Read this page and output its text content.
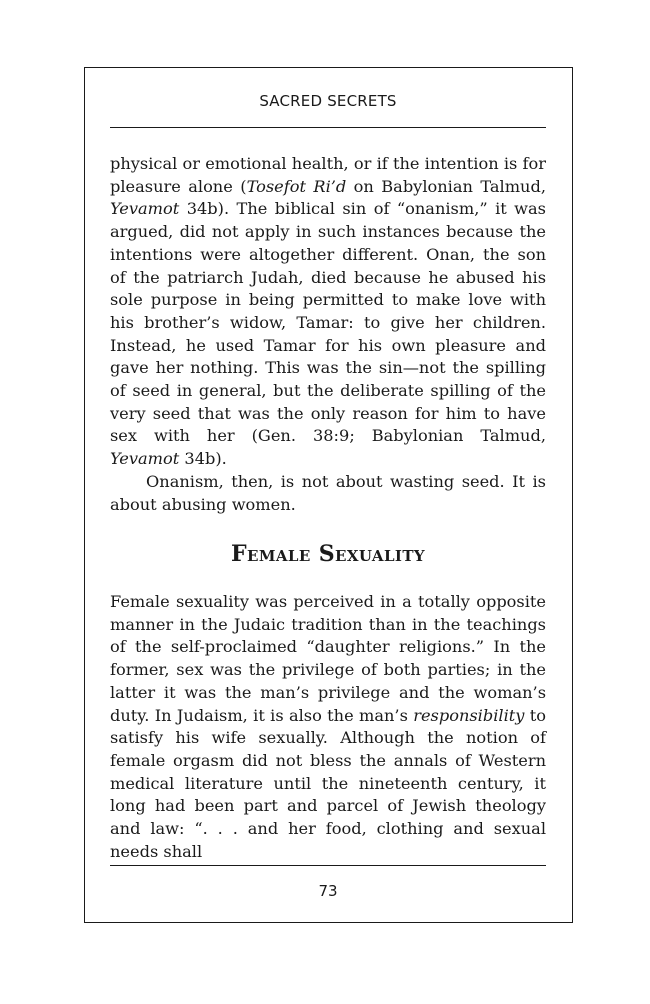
SACRED SECRETS

physical or emotional health, or if the intention is for pleasure alone (Tosefot Ri’d on Babylonian Talmud, Yevamot 34b). The biblical sin of “onanism,” it was argued, did not apply in such instances because the intentions were altogether different. Onan, the son of the patriarch Judah, died because he abused his sole purpose in being permitted to make love with his brother’s widow, Tamar: to give her children. Instead, he used Tamar for his own pleasure and gave her nothing. This was the sin—not the spilling of seed in general, but the deliberate spilling of the very seed that was the only reason for him to have sex with her (Gen. 38:9; Babylonian Talmud, Yevamot 34b).

Onanism, then, is not about wasting seed. It is about abusing women.

Female Sexuality

Female sexuality was perceived in a totally opposite manner in the Judaic tradition than in the teachings of the self-proclaimed “daughter religions.” In the former, sex was the privilege of both parties; in the latter it was the man’s privilege and the woman’s duty. In Judaism, it is also the man’s responsibility to satisfy his wife sexually. Although the notion of female orgasm did not bless the annals of Western medical literature until the nineteenth century, it long had been part and parcel of Jewish theology and law: “. . . and her food, clothing and sexual needs shall

73
